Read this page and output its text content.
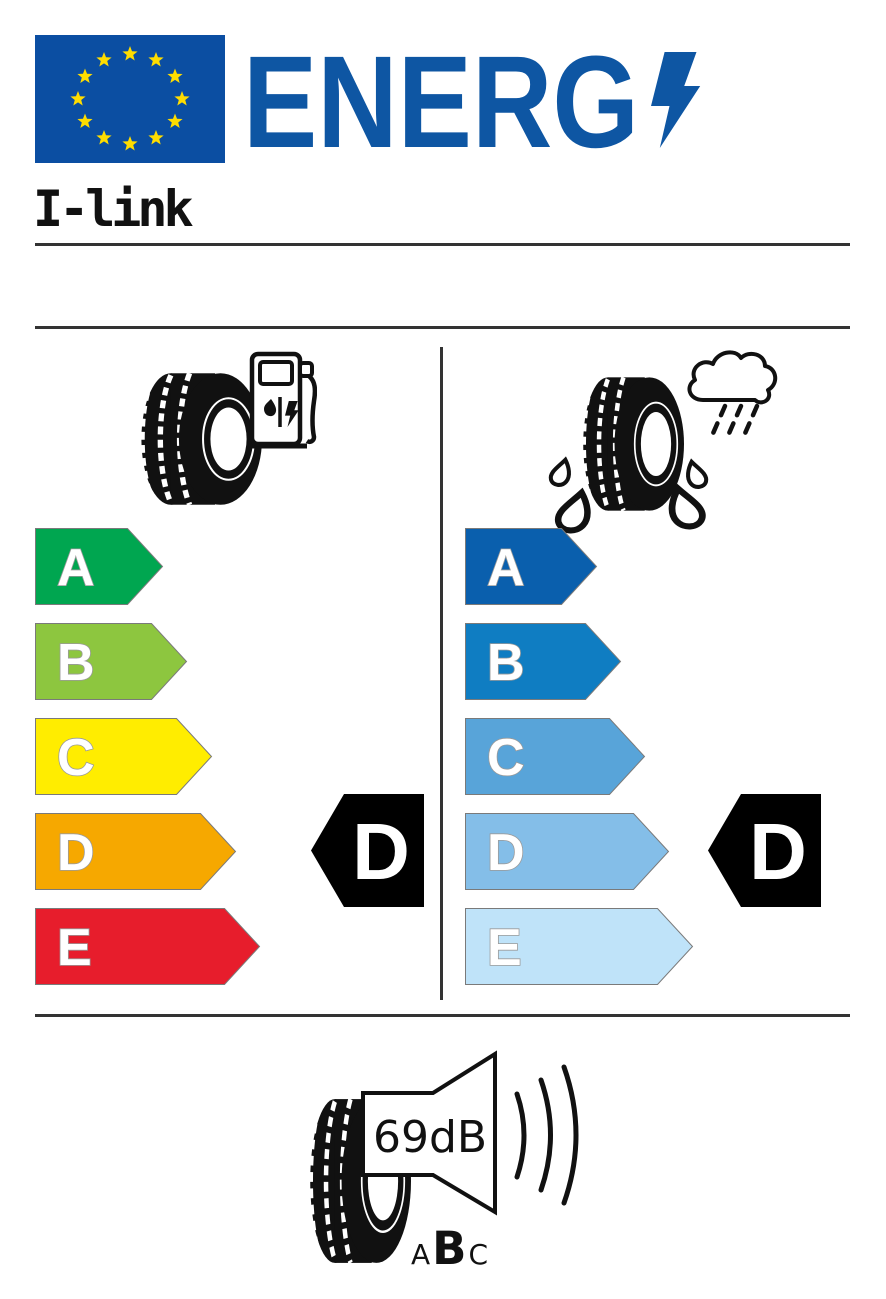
ENERG
I-link
A
B
C
D
E
D
A
B
C
D
E
D
69dB
A B C
